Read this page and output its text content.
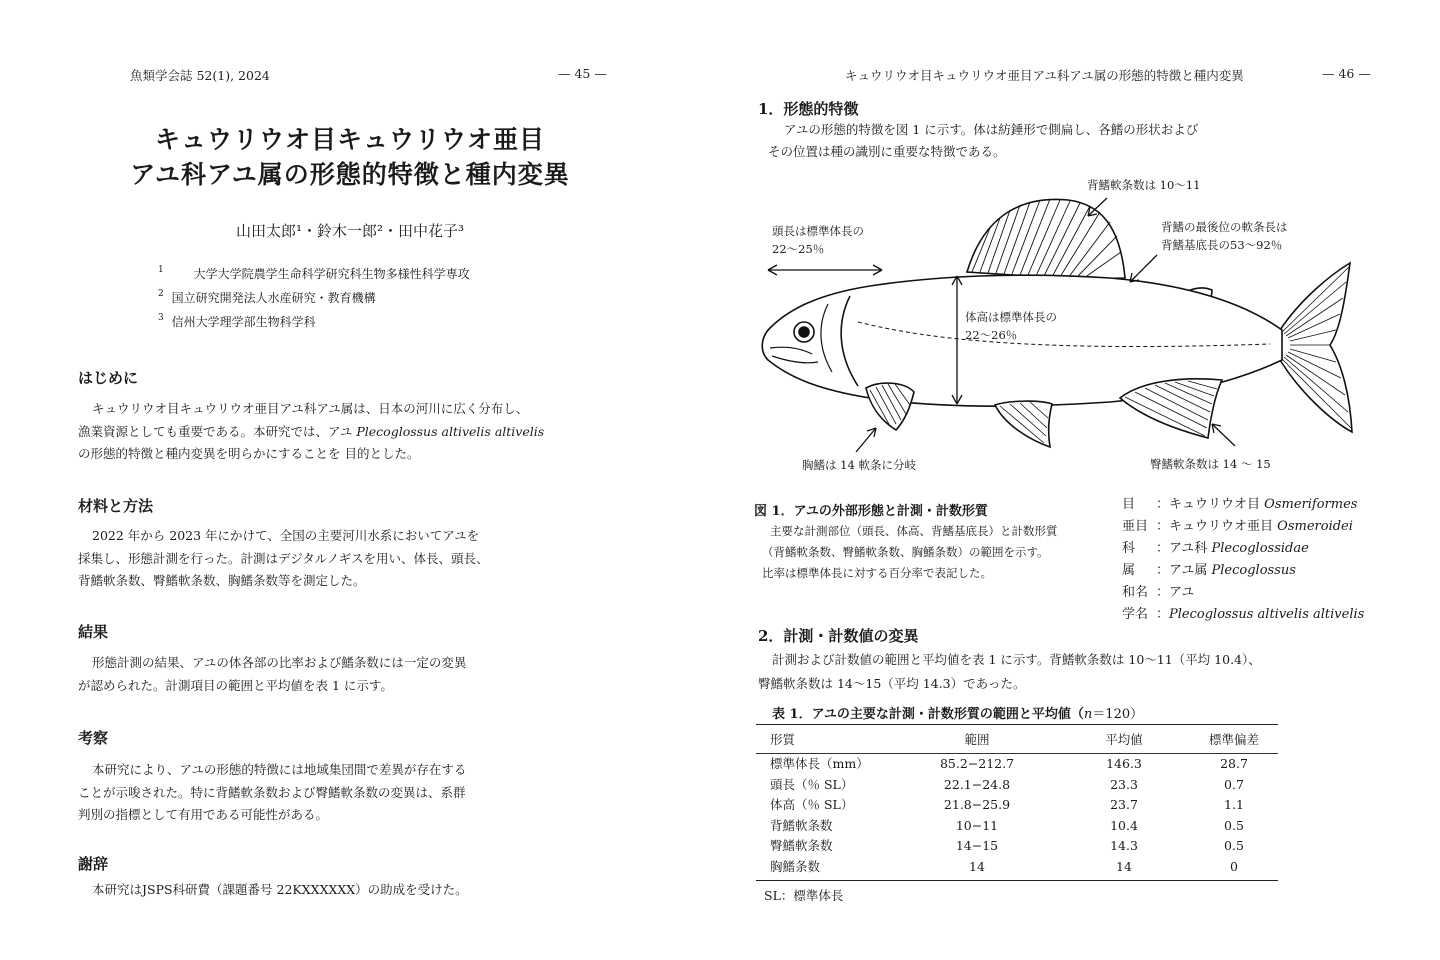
魚類学会誌 52(1), 2024	— 45 —
キュウリウオ目キュウリウオ亜目
アユ科アユ属の形態的特徴と種内変異
山田太郎¹・鈴木一郎²・田中花子³
$^1$ 大学大学院農学生命科学研究科生物多様性科学専攻
$^2$ 国立研究開発法人水産研究・教育機構
$^3$ 信州大学理学部生物科学科
はじめに

キュウリウオ目キュウリウオ亜目アユ科アユ属は、日本の河川に広く分布し、

漁業資源としても重要である。本研究では、アユ Plecoglossus altivelis altivelis

の形態的特徴と種内変異を明らかにすることを 目的とした。

材料と方法

2022 年から 2023 年にかけて、全国の主要河川水系においてアユを

採集し、形態計測を行った。計測はデジタルノギスを用い、体長、頭長、

背鰭軟条数、臀鰭軟条数、胸鰭条数等を測定した。

結果

形態計測の結果、アユの体各部の比率および鰭条数には一定の変異

が認められた。計測項目の範囲と平均値を表 1 に示す。

考察

本研究により、アユの形態的特徴には地域集団間で差異が存在する

ことが示唆された。特に背鰭軟条数および臀鰭軟条数の変異は、系群

判別の指標として有用である可能性がある。

謝辞

本研究はJSPS科研費（課題番号 22KXXXXXX）の助成を受けた。

キュウリウオ目キュウリウオ亜目アユ科アユ属の形態的特徴と種内変異	— 46 —
1．形態的特徴

アユの形態的特徴を図 1 に示す。体は紡錘形で側扁し、各鰭の形状および

その位置は種の識別に重要な特徴である。

背鰭軟条数は 10～11
背鰭の最後位の軟条長は
背鰭基底長の53～92％
頭長は標準体長の
22～25％
体高は標準体長の
22～26％
胸鰭は 14 軟条に分岐	臀鰭軟条数は 14 ～ 15
図 1．アユの外部形態と計測・計数形質
主要な計測部位（頭長、体高、背鰭基底長）と計数形質
（背鰭軟条数、臀鰭軟条数、胸鰭条数）の範囲を示す。
比率は標準体長に対する百分率で表記した。
目 ：キュウリウオ目 Osmeriformes
亜目 ：キュウリウオ亜目 Osmeroidei
科 ：アユ科 Plecoglossidae
属 ：アユ属 Plecoglossus
和名 ：アユ
学名 ：Plecoglossus altivelis altivelis
2．計測・計数値の変異

計測および計数値の範囲と平均値を表 1 に示す。背鰭軟条数は 10～11（平均 10.4）、

臀鰭軟条数は 14～15（平均 14.3）であった。

表 1．アユの主要な計測・計数形質の範囲と平均値（n＝120）
形質	範囲	平均値	標準偏差
標準体長（mm）	85.2−212.7	146.3	28.7
頭長（％ SL）	22.1−24.8	23.3	0.7
体高（％ SL）	21.8−25.9	23.7	1.1
背鰭軟条数	10−11	10.4	0.5
臀鰭軟条数	14−15	14.3	0.5
胸鰭条数	14	14	0
SL：標準体長
